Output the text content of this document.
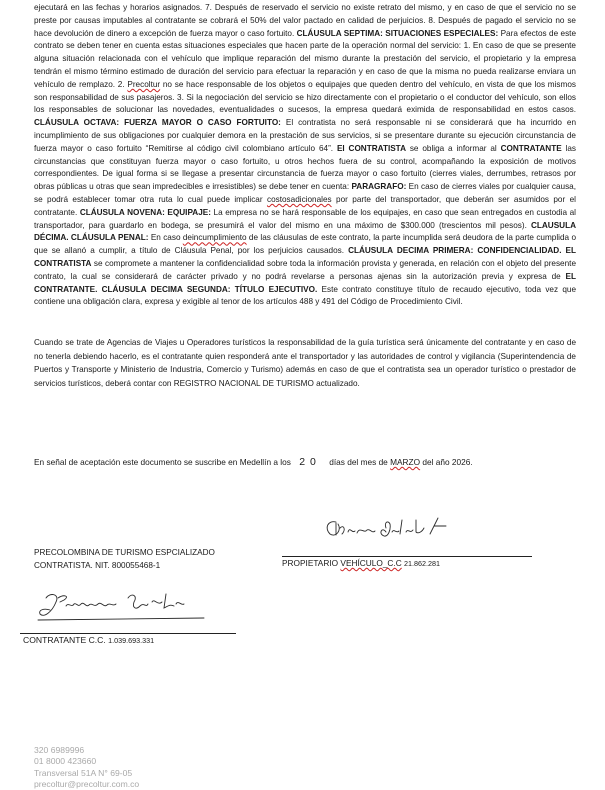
ejecutará en las fechas y horarios asignados. 7. Después de reservado el servicio no existe retrato del mismo, y en caso de que el servicio no se preste por causas imputables al contratante se cobrará el 50% del valor pactado en calidad de perjuicios. 8. Después de pagado el servicio no se hace devolución de dinero a excepción de fuerza mayor o caso fortuito. CLÁUSULA SEPTIMA: SITUACIONES ESPECIALES: Para efectos de este contrato se deben tener en cuenta estas situaciones especiales que hacen parte de la operación normal del servicio: 1. En caso de que se presente alguna situación relacionada con el vehículo que implique reparación del mismo durante la prestación del servicio, el propietario y la empresa tendrán el mismo término estimado de duración del servicio para efectuar la reparación y en caso de que la misma no pueda realizarse enviara un vehículo de remplazo. 2. Precoltur no se hace responsable de los objetos o equipajes que queden dentro del vehículo, en vista de que los mismos son responsabilidad de sus pasajeros. 3. Si la negociación del servicio se hizo directamente con el propietario o el conductor del vehículo, son ellos los responsables de solucionar las novedades, eventualidades o sucesos, la empresa quedará eximida de responsabilidad en estos casos. CLÁUSULA OCTAVA: FUERZA MAYOR O CASO FORTUITO: El contratista no será responsable ni se considerará que ha incurrido en incumplimiento de sus obligaciones por cualquier demora en la prestación de sus servicios, si se presentare durante su ejecución circunstancia de fuerza mayor o caso fortuito “Remitirse al código civil colombiano artículo 64”. El CONTRATISTA se obliga a informar al CONTRATANTE las circunstancias que constituyan fuerza mayor o caso fortuito, u otros hechos fuera de su control, acompañando la exposición de motivos correspondientes. De igual forma si se llegase a presentar circunstancia de fuerza mayor o caso fortuito (cierres viales, derrumbes, retrasos por obras públicas u otras que sean impredecibles e irresistibles) se debe tener en cuenta: PARAGRAFO: En caso de cierres viales por cualquier causa, se podrá establecer tomar otra ruta lo cual puede implicar costosadicionales por parte del transportador, que deberán ser asumidos por el contratante. CLÁUSULA NOVENA: EQUIPAJE: La empresa no se hará responsable de los equipajes, en caso que sean entregados en custodia al transportador, para guardarlo en bodega, se presumirá el valor del mismo en una máximo de $300.000 (trescientos mil pesos). CLAUSULA DÉCIMA. CLÁUSULA PENAL: En caso deincumplimiento de las cláusulas de este contrato, la parte incumplida será deudora de la parte cumplida o que se allanó a cumplir, a título de Cláusula Penal, por los perjuicios causados. CLÁUSULA DECIMA PRIMERA: CONFIDENCIALIDAD. EL CONTRATISTA se compromete a mantener la confidencialidad sobre toda la información provista y generada, en relación con el objeto del presente contrato, la cual se considerará de carácter privado y no podrá revelarse a personas ajenas sin la autorización previa y expresa de EL CONTRATANTE. CLÁUSULA DECIMA SEGUNDA: TÍTULO EJECUTIVO. Este contrato constituye título de recaudo ejecutivo, toda vez que contiene una obligación clara, expresa y exigible al tenor de los artículos 488 y 491 del Código de Procedimiento Civil.

Cuando se trate de Agencias de Viajes u Operadores turísticos la responsabilidad de la guía turística será únicamente del contratante y en caso de no tenerla debiendo hacerlo, es el contratante quien responderá ante el transportador y las autoridades de control y vigilancia (Superintendencia de Puertos y Transporte y Ministerio de Industria, Comercio y Turismo) además en caso de que el contratista sea un operador turístico o prestador de servicios turísticos, deberá contar con REGISTRO NACIONAL DE TURISMO actualizado.

En señal de aceptación este documento se suscribe en Medellín a los 20 días del mes de MARZO del año 2026.
PROPIETARIO VEHÍCULO_C.C 21.862.281
PRECOLOMBINA DE TURISMO ESPCIALIZADO
CONTRATISTA. NIT. 800055468-1
CONTRATANTE C.C. 1.039.693.331
320 6989996
01 8000 423660
Transversal 51A N° 69-05
precoltur@precoltur.com.co
